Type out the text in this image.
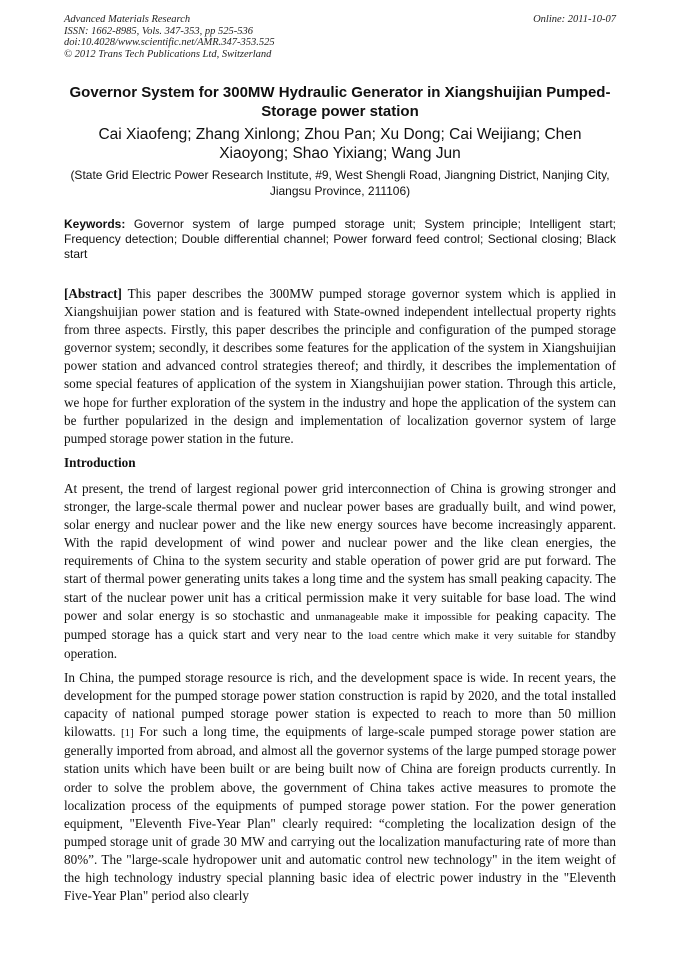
Advanced Materials Research
ISSN: 1662-8985, Vols. 347-353, pp 525-536
doi:10.4028/www.scientific.net/AMR.347-353.525
© 2012 Trans Tech Publications Ltd, Switzerland
Online: 2011-10-07
Governor System for 300MW Hydraulic Generator in Xiangshuijian Pumped-Storage power station
Cai Xiaofeng; Zhang Xinlong; Zhou Pan; Xu Dong; Cai Weijiang; Chen Xiaoyong; Shao Yixiang; Wang Jun
(State Grid Electric Power Research Institute, #9, West Shengli Road, Jiangning District, Nanjing City, Jiangsu Province, 211106)
Keywords: Governor system of large pumped storage unit; System principle; Intelligent start; Frequency detection; Double differential channel; Power forward feed control; Sectional closing; Black start
[Abstract] This paper describes the 300MW pumped storage governor system which is applied in Xiangshuijian power station and is featured with State-owned independent intellectual property rights from three aspects. Firstly, this paper describes the principle and configuration of the pumped storage governor system; secondly, it describes some features for the application of the system in Xiangshuijian power station and advanced control strategies thereof; and thirdly, it describes the implementation of some special features of application of the system in Xiangshuijian power station. Through this article, we hope for further exploration of the system in the industry and hope the application of the system can be further popularized in the design and implementation of localization governor system of large pumped storage power station in the future.
Introduction
At present, the trend of largest regional power grid interconnection of China is growing stronger and stronger, the large-scale thermal power and nuclear power bases are gradually built, and wind power, solar energy and nuclear power and the like new energy sources have become increasingly apparent. With the rapid development of wind power and nuclear power and the like clean energies, the requirements of China to the system security and stable operation of power grid are put forward. The start of thermal power generating units takes a long time and the system has small peaking capacity. The start of the nuclear power unit has a critical permission make it very suitable for base load. The wind power and solar energy is so stochastic and unmanageable make it impossible for peaking capacity. The pumped storage has a quick start and very near to the load centre which make it very suitable for standby operation.
In China, the pumped storage resource is rich, and the development space is wide. In recent years, the development for the pumped storage power station construction is rapid by 2020, and the total installed capacity of national pumped storage power station is expected to reach to more than 50 million kilowatts. [1] For such a long time, the equipments of large-scale pumped storage power station are generally imported from abroad, and almost all the governor systems of the large pumped storage power station units which have been built or are being built now of China are foreign products currently. In order to solve the problem above, the government of China takes active measures to promote the localization process of the equipments of pumped storage power station. For the power generation equipment, "Eleventh Five-Year Plan" clearly required: “completing the localization design of the pumped storage unit of grade 30 MW and carrying out the localization manufacturing rate of more than 80%”. The "large-scale hydropower unit and automatic control new technology" in the item weight of the high technology industry special planning basic idea of electric power industry in the "Eleventh Five-Year Plan" period also clearly
